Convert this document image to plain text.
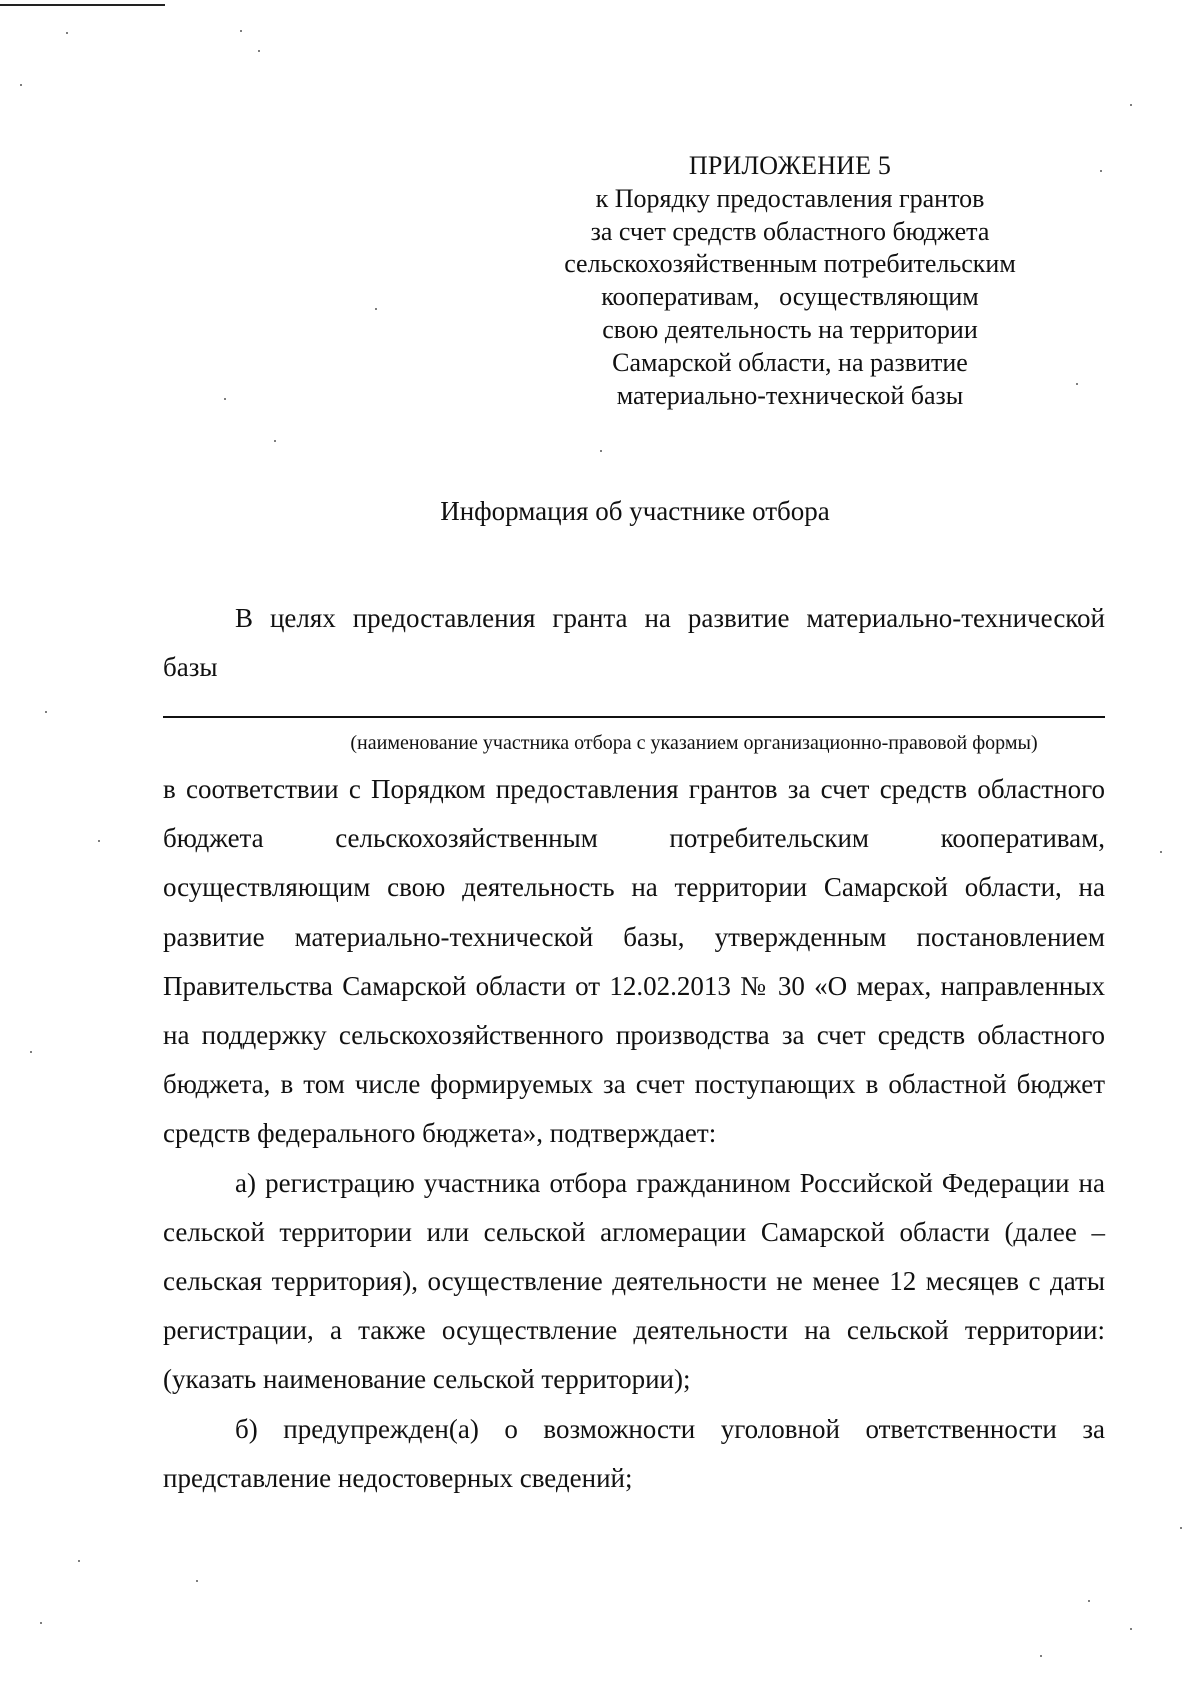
ПРИЛОЖЕНИЕ 5
к Порядку предоставления грантов
за счет средств областного бюджета
сельскохозяйственным потребительским
кооперативам,   осуществляющим
свою деятельность на территории
Самарской области, на развитие
материально-технической базы
Информация об участнике отбора

В целях предоставления гранта на развитие материально-технической базы

(наименование участника отбора с указанием организационно-правовой формы)

в соответствии с Порядком предоставления грантов за счет средств областного бюджета сельскохозяйственным потребительским кооперативам, осуществляющим свою деятельность на территории Самарской области, на развитие материально-технической базы, утвержденным постановлением Правительства Самарской области от 12.02.2013 № 30 «О мерах, направленных на поддержку сельскохозяйственного производства за счет средств областного бюджета, в том числе формируемых за счет поступающих в областной бюджет средств федерального бюджета», подтверждает:

а) регистрацию участника отбора гражданином Российской Федерации на сельской территории или сельской агломерации Самарской области (далее – сельская территория), осуществление деятельности не менее 12 месяцев с даты регистрации, а также осуществление деятельности на сельской территории: (указать наименование сельской территории);

б) предупрежден(а) о возможности уголовной ответственности за представление недостоверных сведений;
